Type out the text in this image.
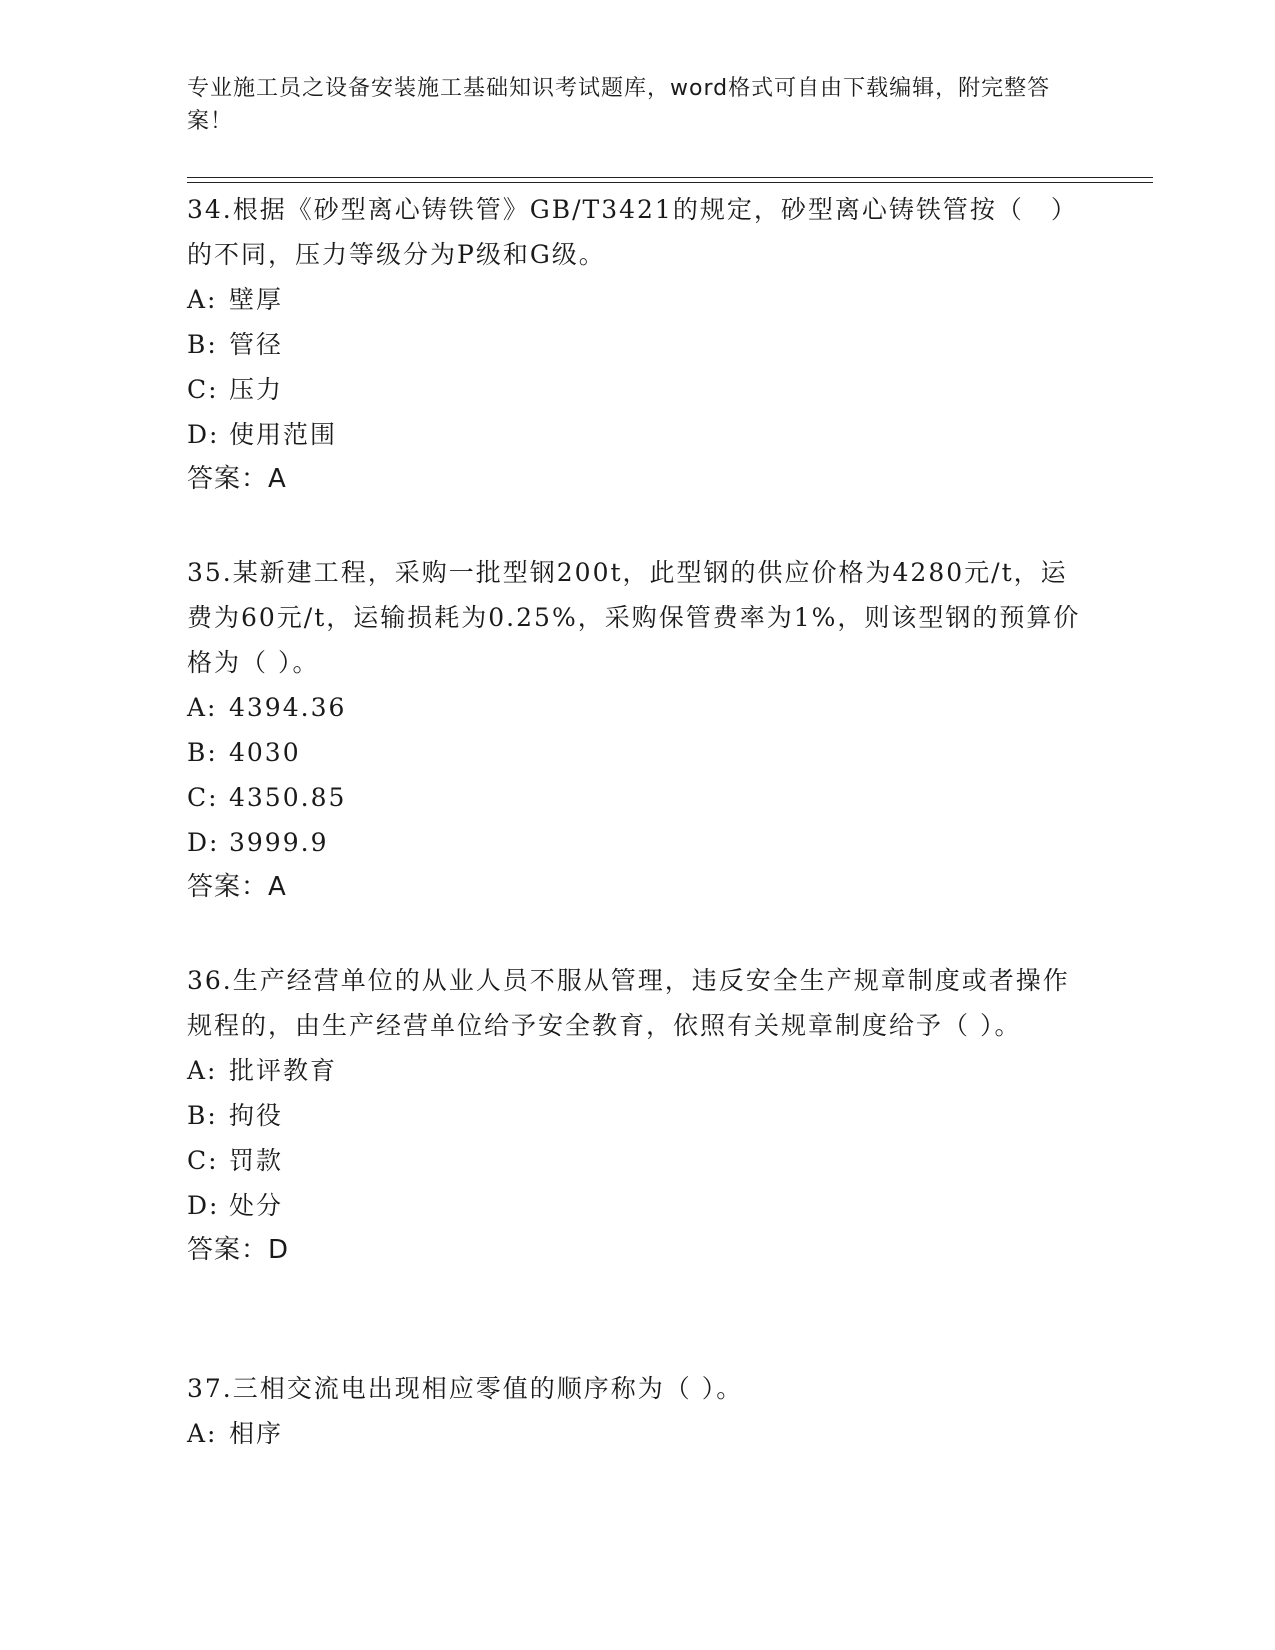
专业施工员之设备安装施工基础知识考试题库，word格式可自由下载编辑，附完整答案！

34.根据《砂型离心铸铁管》GB/T3421的规定，砂型离心铸铁管按（　）的不同，压力等级分为P级和G级。

A: 壁厚

B: 管径

C: 压力

D: 使用范围

答案：A

35.某新建工程，采购一批型钢200t，此型钢的供应价格为4280元/t，运费为60元/t，运输损耗为0.25%，采购保管费率为1%，则该型钢的预算价格为（ ）。

A: 4394.36

B: 4030

C: 4350.85

D: 3999.9

答案：A

36.生产经营单位的从业人员不服从管理，违反安全生产规章制度或者操作规程的，由生产经营单位给予安全教育，依照有关规章制度给予（ ）。

A: 批评教育

B: 拘役

C: 罚款

D: 处分

答案：D

37.三相交流电出现相应零值的顺序称为（ ）。

A: 相序
